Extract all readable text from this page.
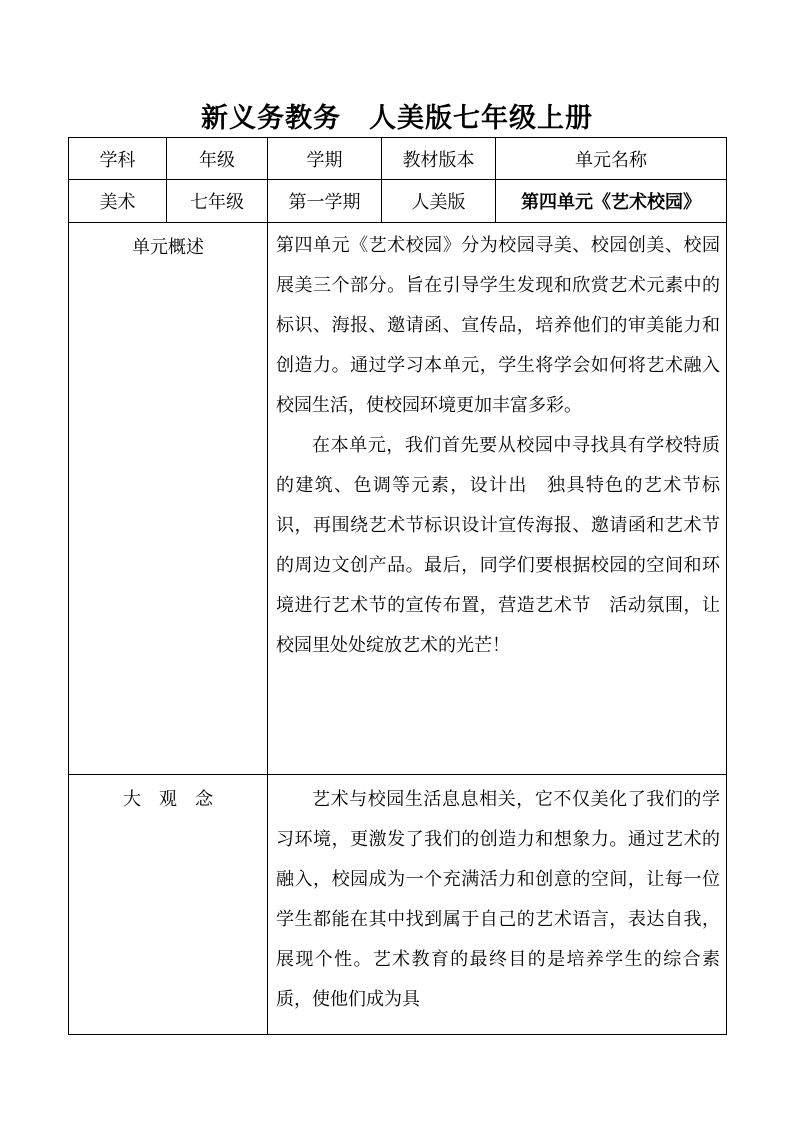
新义务教务　人美版七年级上册
学科	年级	学期	教材版本	单元名称
美术	七年级	第一学期	人美版	第四单元《艺术校园》
单元概述		第四单元《艺术校园》分为校园寻美、校园创美、校园展美三个部分。旨在引导学生发现和欣赏艺术元素中的标识、海报、邀请函、宣传品，培养他们的审美能力和创造力。通过学习本单元，学生将学会如何将艺术融入校园生活，使校园环境更加丰富多彩。

在本单元，我们首先要从校园中寻找具有学校特质的建筑、色调等元素，设计出　独具特色的艺术节标识，再围绕艺术节标识设计宣传海报、邀请函和艺术节的周边文创产品。最后，同学们要根据校园的空间和环境进行艺术节的宣传布置，营造艺术节　活动氛围，让校园里处处绽放艺术的光芒！		

大　观　念		艺术与校园生活息息相关，它不仅美化了我们的学习环境，更激发了我们的创造力和想象力。通过艺术的融入，校园成为一个充满活力和创意的空间，让每一位学生都能在其中找到属于自己的艺术语言，表达自我，展现个性。艺术教育的最终目的是培养学生的综合素质，使他们成为具		
